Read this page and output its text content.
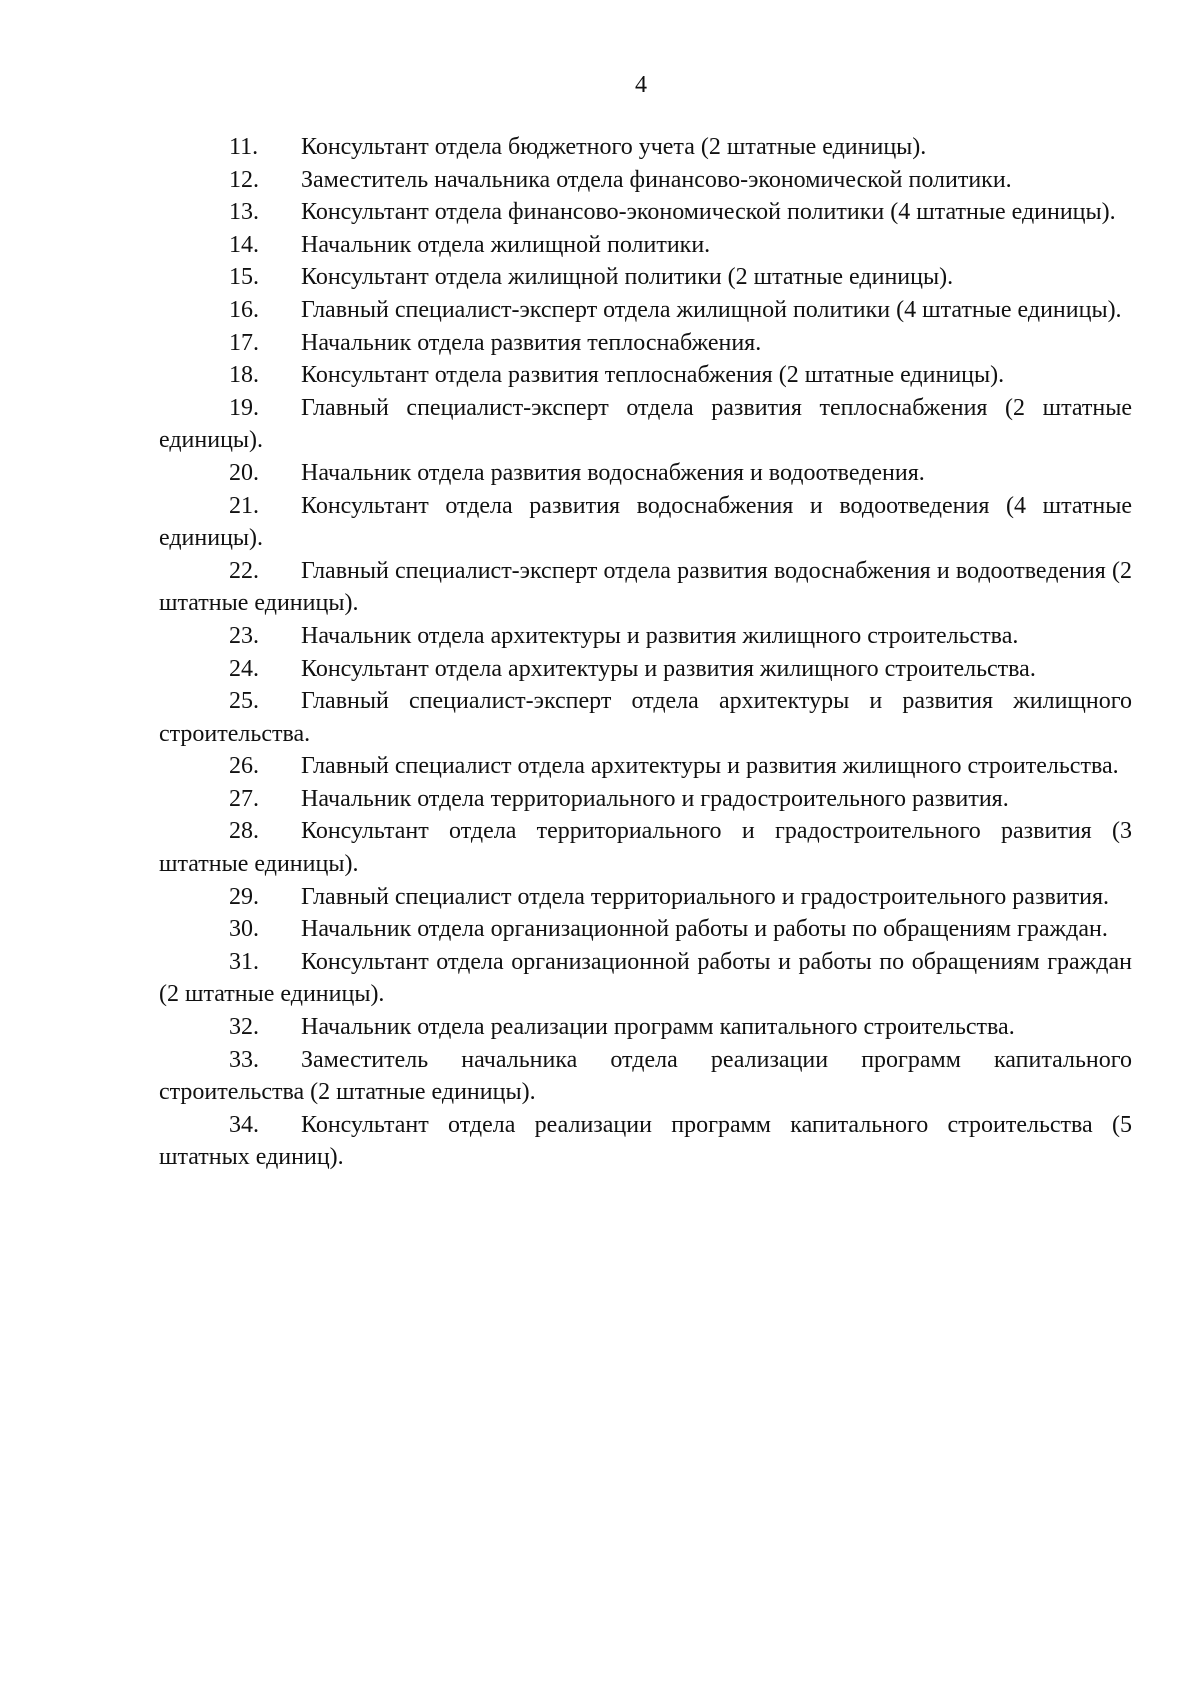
4

11. Консультант отдела бюджетного учета (2 штатные единицы).

12. Заместитель начальника отдела финансово-экономической политики.

13. Консультант отдела финансово-экономической политики (4 штатные единицы).

14. Начальник отдела жилищной политики.

15. Консультант отдела жилищной политики (2 штатные единицы).

16. Главный специалист-эксперт отдела жилищной политики (4 штатные единицы).

17. Начальник отдела развития теплоснабжения.

18. Консультант отдела развития теплоснабжения (2 штатные единицы).

19. Главный специалист-эксперт отдела развития теплоснабжения (2 штатные единицы).

20. Начальник отдела развития водоснабжения и водоотведения.

21. Консультант отдела развития водоснабжения и водоотведения (4 штатные единицы).

22. Главный специалист-эксперт отдела развития водоснабжения и водоотведения (2 штатные единицы).

23. Начальник отдела архитектуры и развития жилищного строительства.

24. Консультант отдела архитектуры и развития жилищного строительства.

25. Главный специалист-эксперт отдела архитектуры и развития жилищного строительства.

26. Главный специалист отдела архитектуры и развития жилищного строительства.

27. Начальник отдела территориального и градостроительного развития.

28. Консультант отдела территориального и градостроительного развития (3 штатные единицы).

29. Главный специалист отдела территориального и градостроительного развития.

30. Начальник отдела организационной работы и работы по обращениям граждан.

31. Консультант отдела организационной работы и работы по обращениям граждан (2 штатные единицы).

32. Начальник отдела реализации программ капитального строительства.

33. Заместитель начальника отдела реализации программ капитального строительства (2 штатные единицы).

34. Консультант отдела реализации программ капитального строительства (5 штатных единиц).
